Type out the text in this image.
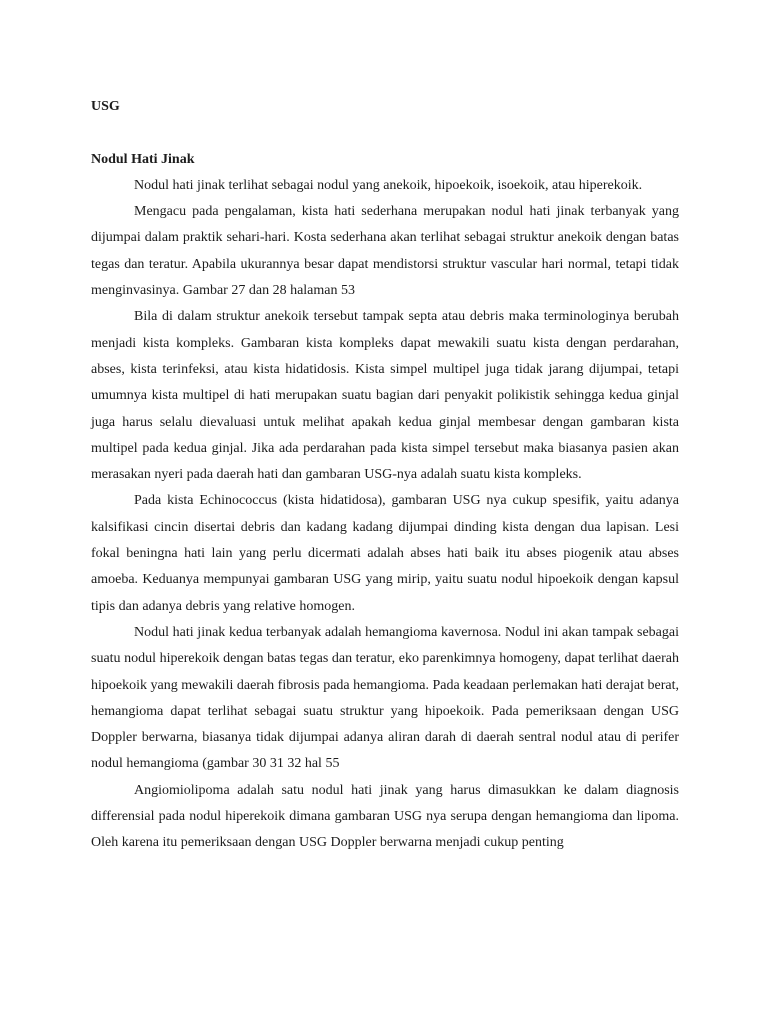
USG
Nodul Hati Jinak

Nodul hati jinak terlihat sebagai nodul yang anekoik, hipoekoik, isoekoik, atau hiperekoik.

Mengacu pada pengalaman, kista hati sederhana merupakan nodul hati jinak terbanyak yang dijumpai dalam praktik sehari-hari. Kosta sederhana akan terlihat sebagai struktur anekoik dengan batas tegas dan teratur. Apabila ukurannya besar dapat mendistorsi struktur vascular hari normal, tetapi tidak menginvasinya. Gambar 27 dan 28 halaman 53

Bila di dalam struktur anekoik tersebut tampak septa atau debris maka terminologinya berubah menjadi kista kompleks. Gambaran kista kompleks dapat mewakili suatu kista dengan perdarahan, abses, kista terinfeksi, atau kista hidatidosis. Kista simpel multipel juga tidak jarang dijumpai, tetapi umumnya kista multipel di hati merupakan suatu bagian dari penyakit polikistik sehingga kedua ginjal juga harus selalu dievaluasi untuk melihat apakah kedua ginjal membesar dengan gambaran kista multipel pada kedua ginjal. Jika ada perdarahan pada kista simpel tersebut maka biasanya pasien akan merasakan nyeri pada daerah hati dan gambaran USG-nya adalah suatu kista kompleks.

Pada kista Echinococcus (kista hidatidosa), gambaran USG nya cukup spesifik, yaitu adanya kalsifikasi cincin disertai debris dan kadang kadang dijumpai dinding kista dengan dua lapisan. Lesi fokal beningna hati lain yang perlu dicermati adalah abses hati baik itu abses piogenik atau abses amoeba. Keduanya mempunyai gambaran USG yang mirip, yaitu suatu nodul hipoekoik dengan kapsul tipis dan adanya debris yang relative homogen.

Nodul hati jinak kedua terbanyak adalah hemangioma kavernosa. Nodul ini akan tampak sebagai suatu nodul hiperekoik dengan batas tegas dan teratur, eko parenkimnya homogeny, dapat terlihat daerah hipoekoik yang mewakili daerah fibrosis pada hemangioma. Pada keadaan perlemakan hati derajat berat, hemangioma dapat terlihat sebagai suatu struktur yang hipoekoik. Pada pemeriksaan dengan USG Doppler berwarna, biasanya tidak dijumpai adanya aliran darah di daerah sentral nodul atau di perifer nodul hemangioma (gambar 30 31 32 hal 55

Angiomiolipoma adalah satu nodul hati jinak yang harus dimasukkan ke dalam diagnosis differensial pada nodul hiperekoik dimana gambaran USG nya serupa dengan hemangioma dan lipoma. Oleh karena itu pemeriksaan dengan USG Doppler berwarna menjadi cukup penting
